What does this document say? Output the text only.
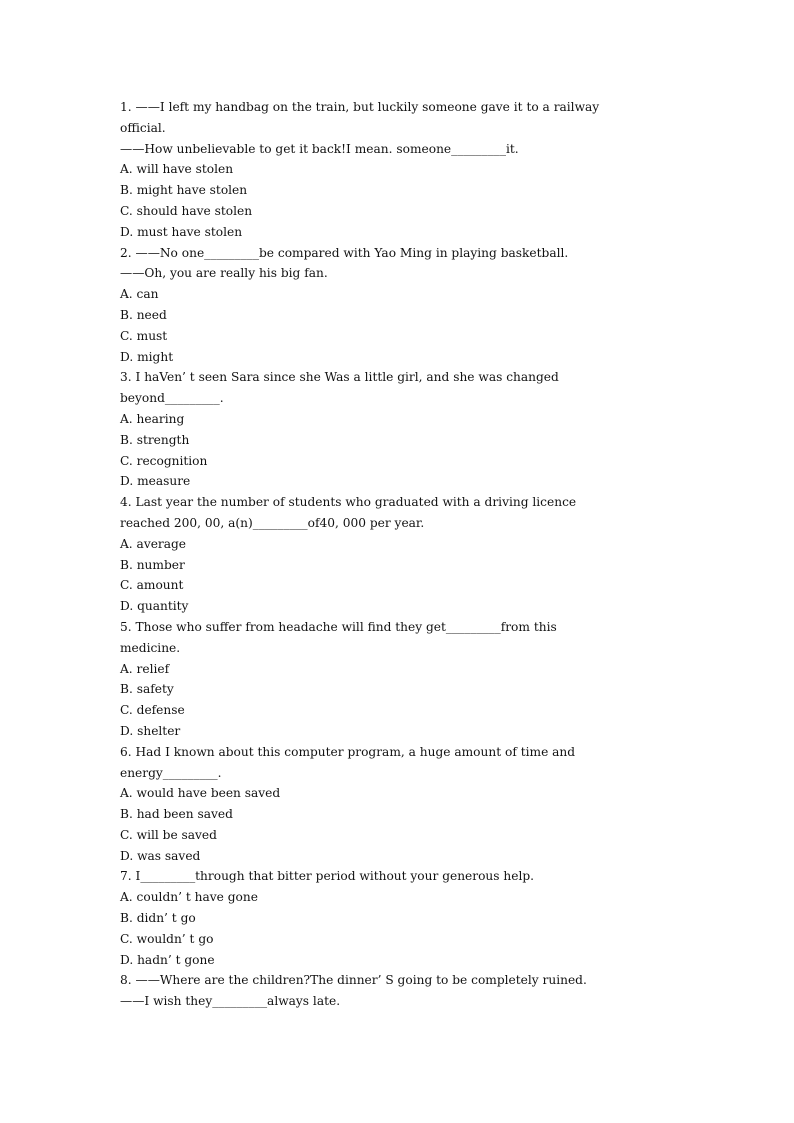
1. ——I left my handbag on the train, but luckily someone gave it to a railway
official.
——How unbelievable to get it back!I mean. someone_________it.
A. will have stolen
B. might have stolen
C. should have stolen
D. must have stolen
2. ——No one_________be compared with Yao Ming in playing basketball.
——Oh, you are really his big fan.
A. can
B. need
C. must
D. might
3. I haVen’ t seen Sara since she Was a little girl, and she was changed
beyond_________.
A. hearing
B. strength
C. recognition
D. measure
4. Last year the number of students who graduated with a driving licence
reached 200, 00, a(n)_________of40, 000 per year.
A. average
B. number
C. amount
D. quantity
5. Those who suffer from headache will find they get_________from this
medicine.
A. relief
B. safety
C. defense
D. shelter
6. Had I known about this computer program, a huge amount of time and
energy_________.
A. would have been saved
B. had been saved
C. will be saved
D. was saved
7. I_________through that bitter period without your generous help.
A. couldn’ t have gone
B. didn’ t go
C. wouldn’ t go
D. hadn’ t gone
8. ——Where are the children?The dinner’ S going to be completely ruined.
——I wish they_________always late.
